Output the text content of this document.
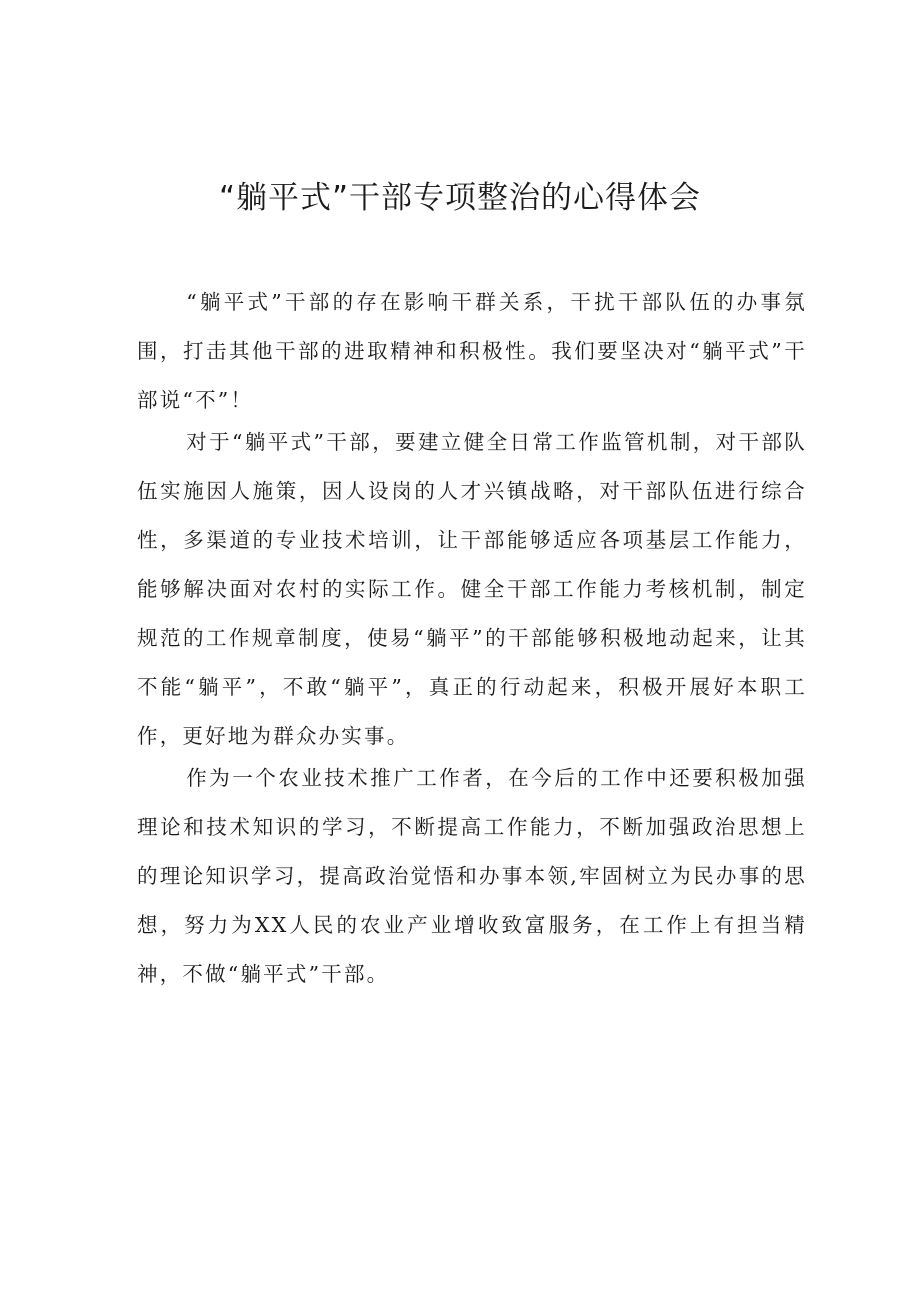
“躺平式”干部专项整治的心得体会

“躺平式”干部的存在影响干群关系，干扰干部队伍的办事氛围，打击其他干部的进取精神和积极性。我们要坚决对“躺平式”干部说“不”！

对于“躺平式”干部，要建立健全日常工作监管机制，对干部队伍实施因人施策，因人设岗的人才兴镇战略，对干部队伍进行综合性，多渠道的专业技术培训，让干部能够适应各项基层工作能力，能够解决面对农村的实际工作。健全干部工作能力考核机制，制定规范的工作规章制度，使易“躺平”的干部能够积极地动起来，让其不能“躺平”，不敢“躺平”，真正的行动起来，积极开展好本职工作，更好地为群众办实事。

作为一个农业技术推广工作者，在今后的工作中还要积极加强理论和技术知识的学习，不断提高工作能力，不断加强政治思想上的理论知识学习，提高政治觉悟和办事本领,牢固树立为民办事的思想，努力为XX人民的农业产业增收致富服务，在工作上有担当精神，不做“躺平式”干部。
